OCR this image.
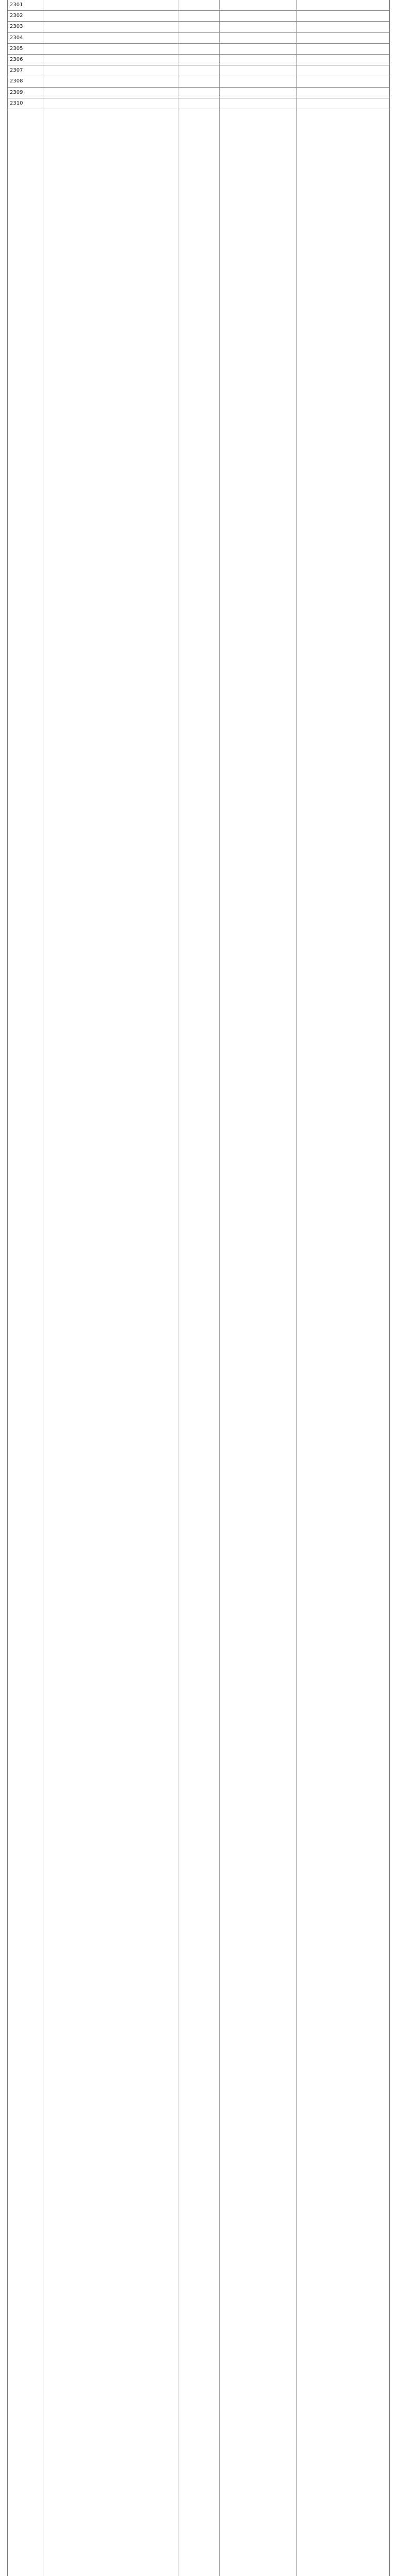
2301
2302
2303
2304
2305
2306
2307
2308
2309
2310
